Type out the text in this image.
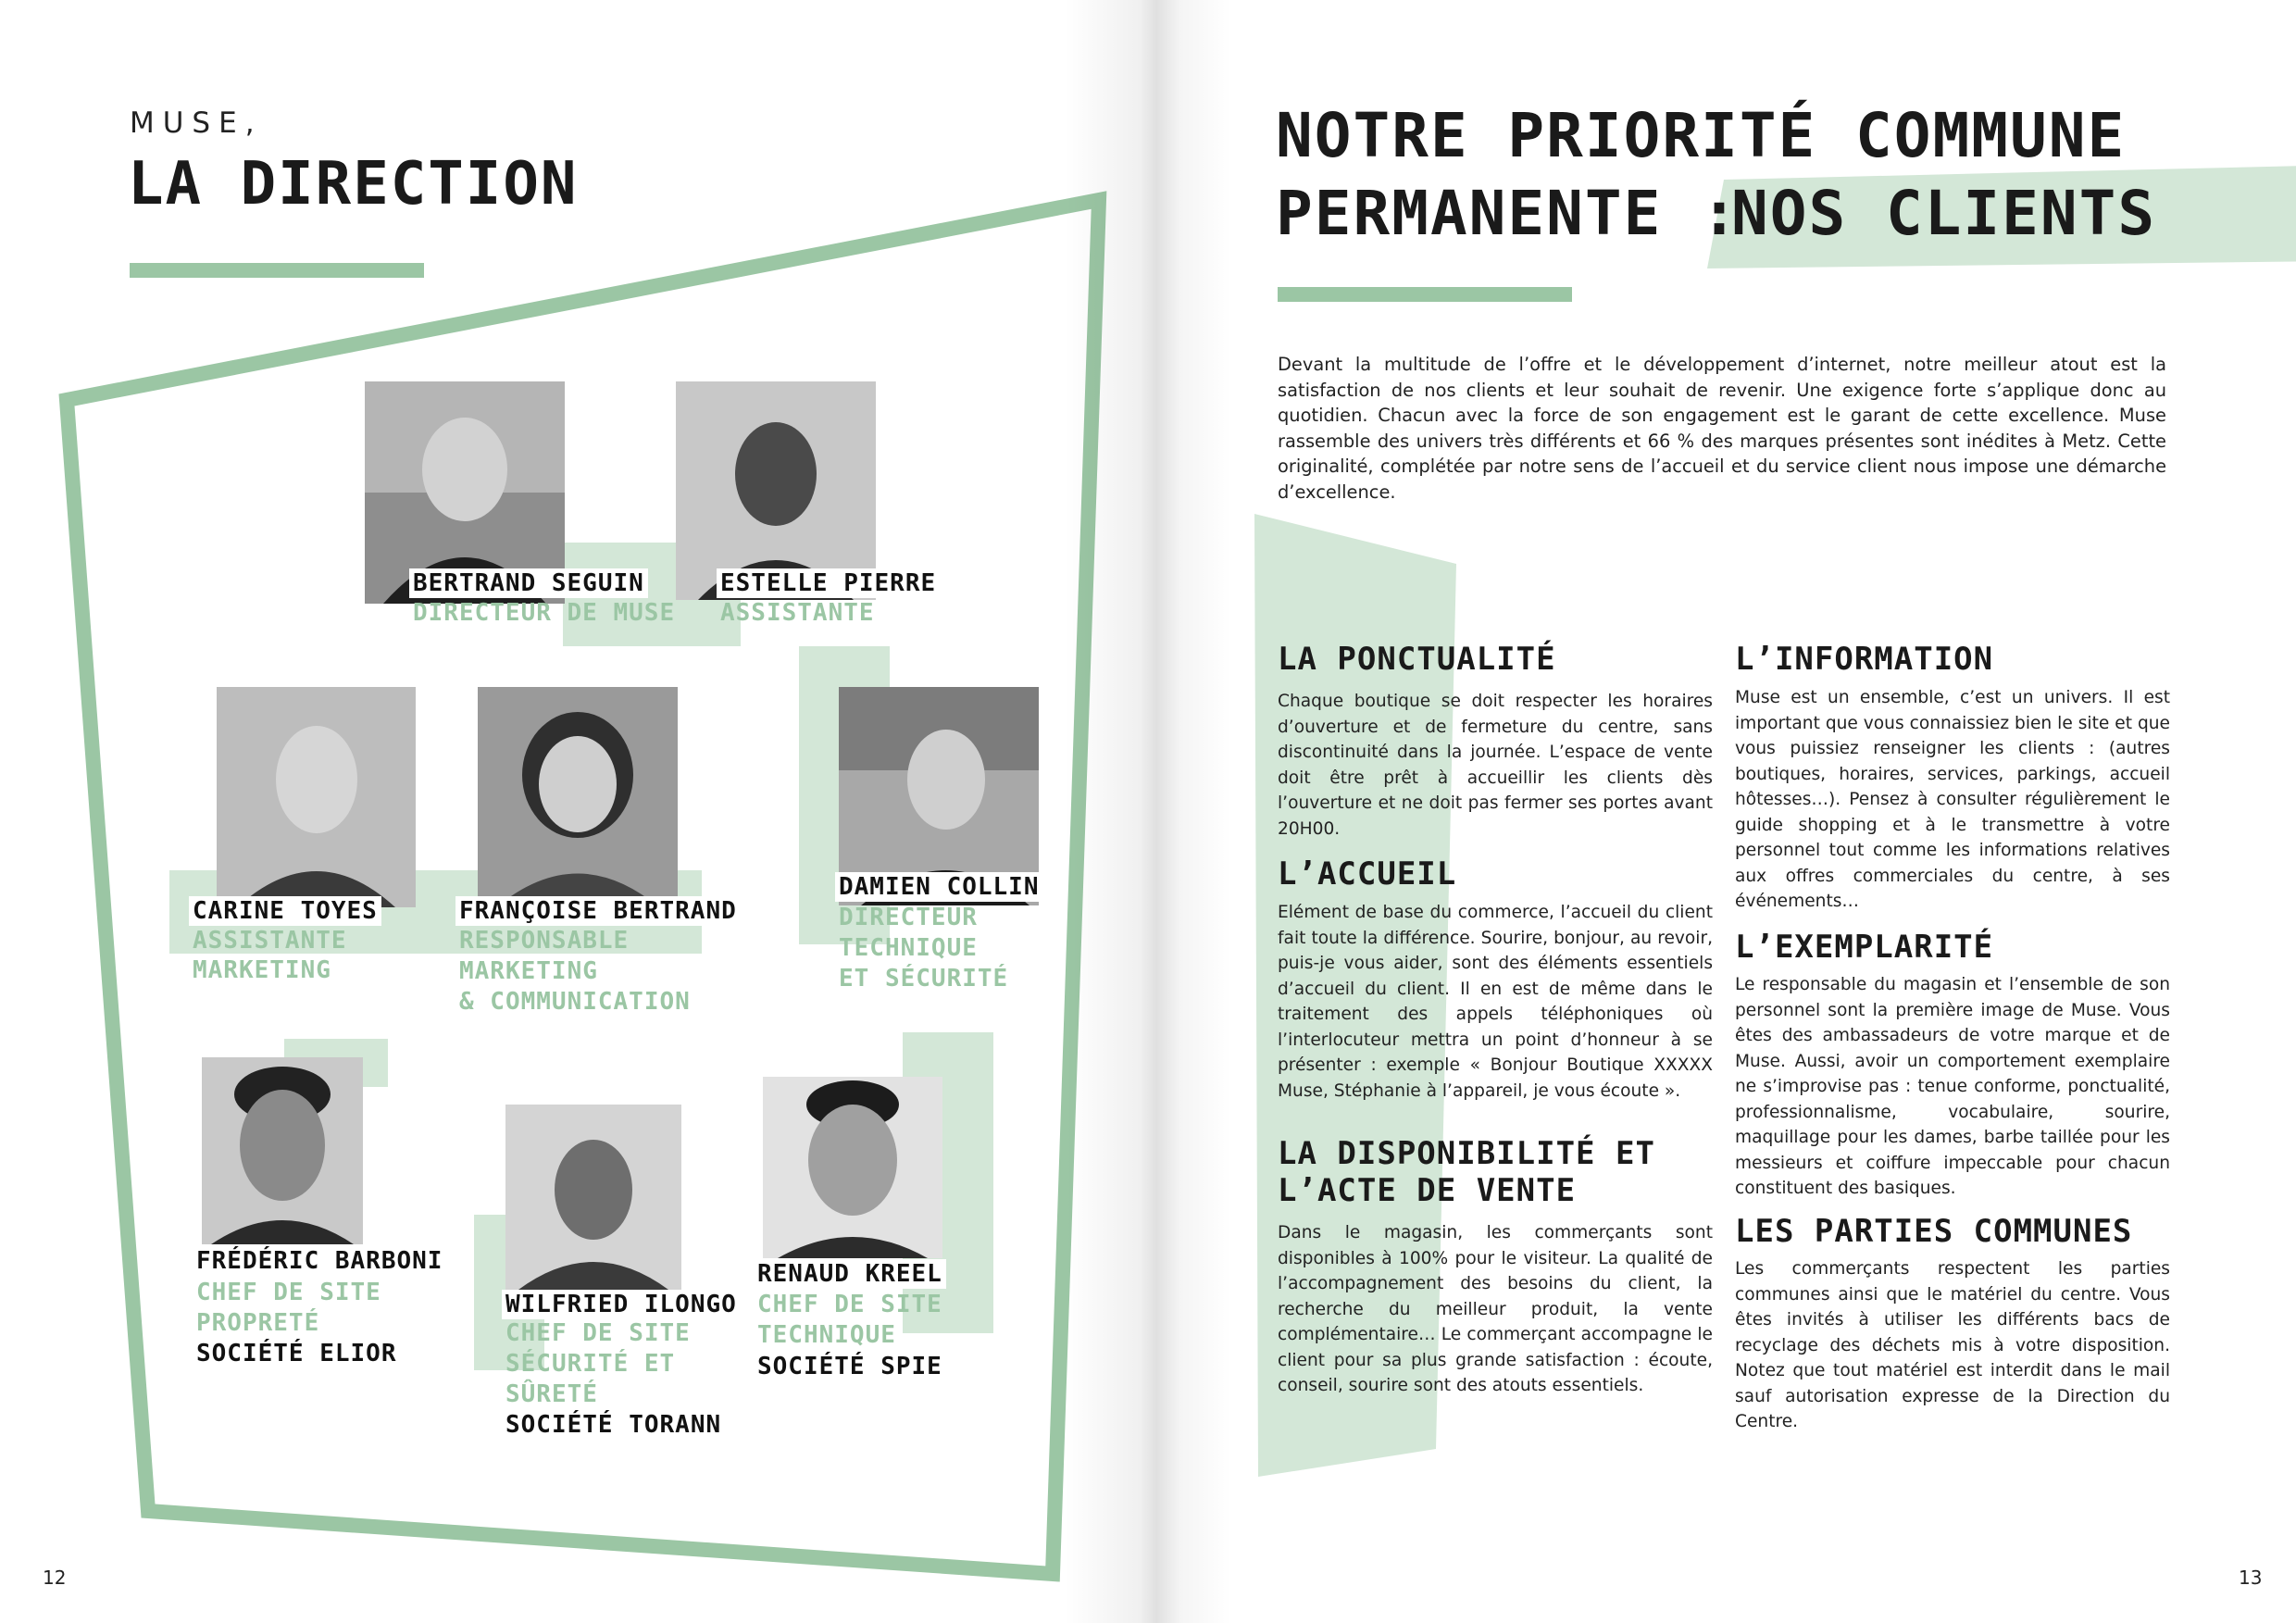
MUSE,
LA DIRECTION
BERTRAND SEGUIN
DIRECTEUR DE MUSE
ESTELLE PIERRE
ASSISTANTE
CARINE TOYES
ASSISTANTE
MARKETING
FRANÇOISE BERTRAND
RESPONSABLE
MARKETING
& COMMUNICATION
DAMIEN COLLIN
DIRECTEUR
TECHNIQUE
ET SÉCURITÉ
FRÉDÉRIC BARBONI
CHEF DE SITE
PROPRETÉ
SOCIÉTÉ ELIOR
WILFRIED ILONGO
CHEF DE SITE
SÉCURITÉ ET
SÛRETÉ
SOCIÉTÉ TORANN
RENAUD KREEL
CHEF DE SITE
TECHNIQUE
SOCIÉTÉ SPIE
12
NOTRE PRIORITÉ COMMUNE
PERMANENTE :
NOS CLIENTS
Devant la multitude de l’offre et le développement d’internet, notre meilleur atout est la satisfaction de nos clients et leur souhait de revenir. Une exigence forte s’applique donc au quotidien. Chacun avec la force de son engagement est le garant de cette excellence. Muse rassemble des univers très différents et 66 % des marques présentes sont inédites à Metz. Cette originalité, complétée par notre sens de l’accueil et du service client nous impose une démarche d’excellence.
LA PONCTUALITÉ
Chaque boutique se doit respecter les horaires d’ouverture et de fermeture du centre, sans discontinuité dans la journée. L’espace de vente doit être prêt à accueillir les clients dès l’ouverture et ne doit pas fermer ses portes avant 20H00.
L’ACCUEIL
Elément de base du commerce, l’accueil du client fait toute la différence. Sourire, bonjour, au revoir, puis-je vous aider, sont des éléments essentiels d’accueil du client. Il en est de même dans le traitement des appels téléphoniques où l’interlocuteur mettra un point d’honneur à se présenter : exemple « Bonjour Boutique XXXXX Muse, Stéphanie à l’appareil, je vous écoute ».
LA DISPONIBILITÉ ET L’ACTE DE VENTE
Dans le magasin, les commerçants sont disponibles à 100% pour le visiteur. La qualité de l’accompagnement des besoins du client, la recherche du meilleur produit, la vente complémentaire… Le commerçant accompagne le client pour sa plus grande satisfaction : écoute, conseil, sourire sont des atouts essentiels.
L’INFORMATION
Muse est un ensemble, c’est un univers. Il est important que vous connaissiez bien le site et que vous puissiez renseigner les clients : (autres boutiques, horaires, services, parkings, accueil hôtesses…). Pensez à consulter régulièrement le guide shopping et à le transmettre à votre personnel tout comme les informations relatives aux offres commerciales du centre, à ses événements…
L’EXEMPLARITÉ
Le responsable du magasin et l’ensemble de son personnel sont la première image de Muse. Vous êtes des ambassadeurs de votre marque et de Muse. Aussi, avoir un comportement exemplaire ne s’improvise pas : tenue conforme, ponctualité, professionnalisme, vocabulaire, sourire, maquillage pour les dames, barbe taillée pour les messieurs et coiffure impeccable pour chacun constituent des basiques.
LES PARTIES COMMUNES
Les commerçants respectent les parties communes ainsi que le matériel du centre. Vous êtes invités à utiliser les différents bacs de recyclage des déchets mis à votre disposition. Notez que tout matériel est interdit dans le mail sauf autorisation expresse de la Direction du Centre.
13
